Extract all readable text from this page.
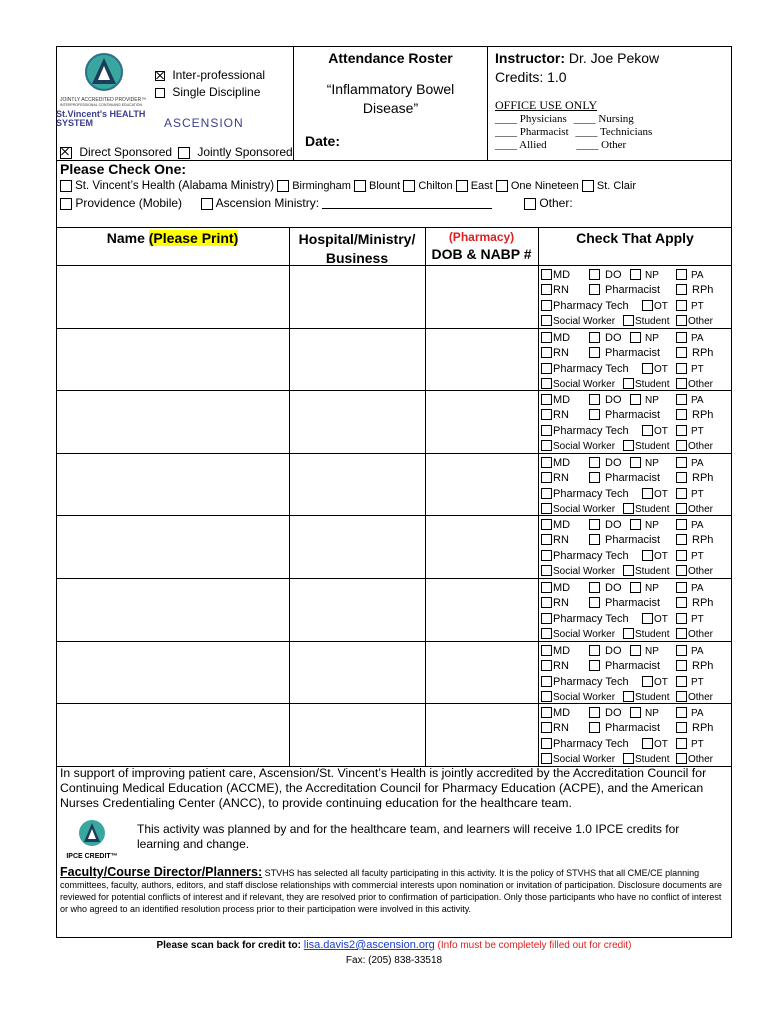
JOINTLY ACCREDITED PROVIDER™
INTERPROFESSIONAL CONTINUING EDUCATION
Inter-professional
Single Discipline
St.Vincent's HEALTH SYSTEM	ASCENSION
Direct Sponsored	Jointly Sponsored
Attendance Roster
“Inflammatory Bowel
Disease”
Date:
Instructor: Dr. Joe Pekow
Credits: 1.0
OFFICE USE ONLY
____ Physicians ____ Nursing
____ Pharmacist ____ Technicians
____ Allied	____ Other
Please Check One:
St. Vincent’s Health (Alabama Ministry) Birmingham Blount Chilton East One Nineteen St. Clair
Providence (Mobile)	Ascension Ministry:	Other:
Name (Please Print)	Hospital/Ministry/
Business
(Pharmacy)
DOB & NABP #
Check That Apply
MD	DO	NP	PA
RN	Pharmacist	RPh
Pharmacy Tech	OT	PT
Social Worker	Student	Other
MD	DO	NP	PA
RN	Pharmacist	RPh
Pharmacy Tech	OT	PT
Social Worker	Student	Other
MD	DO	NP	PA
RN	Pharmacist	RPh
Pharmacy Tech	OT	PT
Social Worker	Student	Other
MD	DO	NP	PA
RN	Pharmacist	RPh
Pharmacy Tech	OT	PT
Social Worker	Student	Other
MD	DO	NP	PA
RN	Pharmacist	RPh
Pharmacy Tech	OT	PT
Social Worker	Student	Other
MD	DO	NP	PA
RN	Pharmacist	RPh
Pharmacy Tech	OT	PT
Social Worker	Student	Other
MD	DO	NP	PA
RN	Pharmacist	RPh
Pharmacy Tech	OT	PT
Social Worker	Student	Other
MD	DO	NP	PA
RN	Pharmacist	RPh
Pharmacy Tech	OT	PT
Social Worker	Student	Other
In support of improving patient care, Ascension/St. Vincent’s Health is jointly accredited by the Accreditation Council for Continuing Medical Education (ACCME), the Accreditation Council for Pharmacy Education (ACPE), and the American Nurses Credentialing Center (ANCC), to provide continuing education for the healthcare team.
IPCE CREDIT™
This activity was planned by and for the healthcare team, and learners will receive 1.0 IPCE credits for learning and change.
Faculty/Course Director/Planners: STVHS has selected all faculty participating in this activity. It is the policy of STVHS that all CME/CE planning committees, faculty, authors, editors, and staff disclose relationships with commercial interests upon nomination or invitation of participation. Disclosure documents are reviewed for potential conflicts of interest and if relevant, they are resolved prior to confirmation of participation. Only those participants who have no conflict of interest or who agreed to an identified resolution process prior to their participation were involved in this activity.
Please scan back for credit to: lisa.davis2@ascension.org (Info must be completely filled out for credit)
Fax: (205) 838-33518
